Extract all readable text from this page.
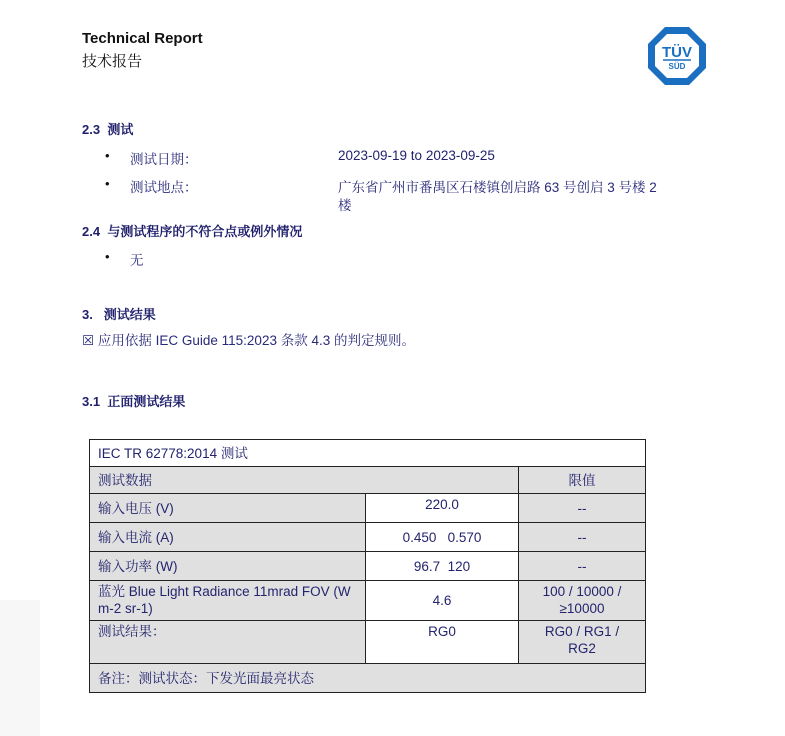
Technical Report
技术报告
TÜV
SÜD
2.3 测试
• 测试日期：	2023-09-19 to 2023-09-25
• 测试地点：	广东省广州市番禺区石楼镇创启路 63 号创启 3 号楼 2
楼
2.4 与测试程序的不符合点或例外情况
• 无
3. 测试结果
☒ 应用依据 IEC Guide 115:2023 条款 4.3 的判定规则。
3.1 正面测试结果
IEC TR 62778:2014 测试		
测试数据		限值
输入电压 (V)	220.0	--
输入电流 (A)	0.450   0.570	--
输入功率 (W)	96.7  120	--
蓝光 Blue Light Radiance 11mrad FOV (W m-2 sr-1)	4.6	100 / 10000 /≥10000
测试结果：	RG0	RG0 / RG1 / RG2
备注：测试状态：下发光面最亮状态		
